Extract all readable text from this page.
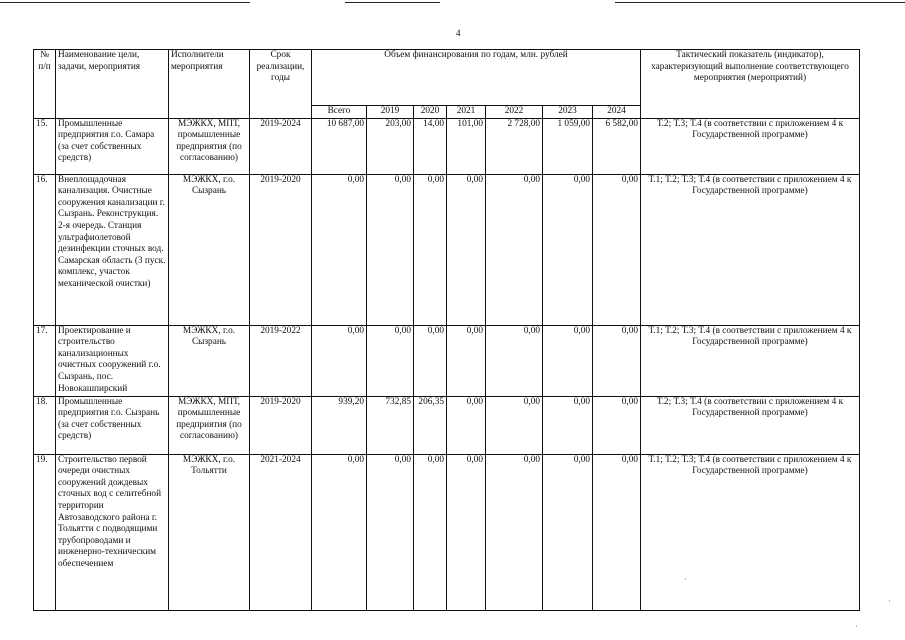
4
№ п/п	Наименование цели, задачи, мероприятия	Исполнители мероприятия	Срок реализации, годы	Объем финансирования по годам, млн. рублей							Тактический показатель (индикатор), характеризующий выполнение соответствующего мероприятия (мероприятий)
				Всего	2019	2020	2021	2022	2023	2024	
15.	Промышленные предприятия г.о. Самара (за счет собственных средств)	МЭЖКХ, МПТ, промышленные предприятия (по согласованию)	2019-2024	10 687,00	203,00	14,00	101,00	2 728,00	1 059,00	6 582,00	Т.2; Т.3; Т.4 (в соответствии с приложением 4 к Государственной программе)
16.	Внеплощадочная канализация. Очистные сооружения канализации г. Сызрань. Реконструкция. 2-я очередь. Станция ультрафиолетовой дезинфекции сточных вод. Самарская область (3 пуск. комплекс, участок механической очистки)	МЭЖКХ, г.о. Сызрань	2019-2020	0,00	0,00	0,00	0,00	0,00	0,00	0,00	Т.1; Т.2; Т.3; Т.4 (в соответствии с приложением 4 к Государственной программе)
17.	Проектирование и строительство канализационных очистных сооружений г.о. Сызрань, пос. Новокашпирский	МЭЖКХ, г.о. Сызрань	2019-2022	0,00	0,00	0,00	0,00	0,00	0,00	0,00	Т.1; Т.2; Т.3; Т.4 (в соответствии с приложением 4 к Государственной программе)
18.	Промышленные предприятия г.о. Сызрань (за счет собственных средств)	МЭЖКХ, МПТ, промышленные предприятия (по согласованию)	2019-2020	939,20	732,85	206,35	0,00	0,00	0,00	0,00	Т.2; Т.3; Т.4 (в соответствии с приложением 4 к Государственной программе)
19.	Строительство первой очереди очистных сооружений дождевых сточных вод с селитебной территории Автозаводского района г. Тольятти с подводящими трубопроводами и инженерно-техническим обеспечением	МЭЖКХ, г.о. Тольятти	2021-2024	0,00	0,00	0,00	0,00	0,00	0,00	0,00	Т.1; Т.2; Т.3; Т.4 (в соответствии с приложением 4 к Государственной программе)
·
·
·
